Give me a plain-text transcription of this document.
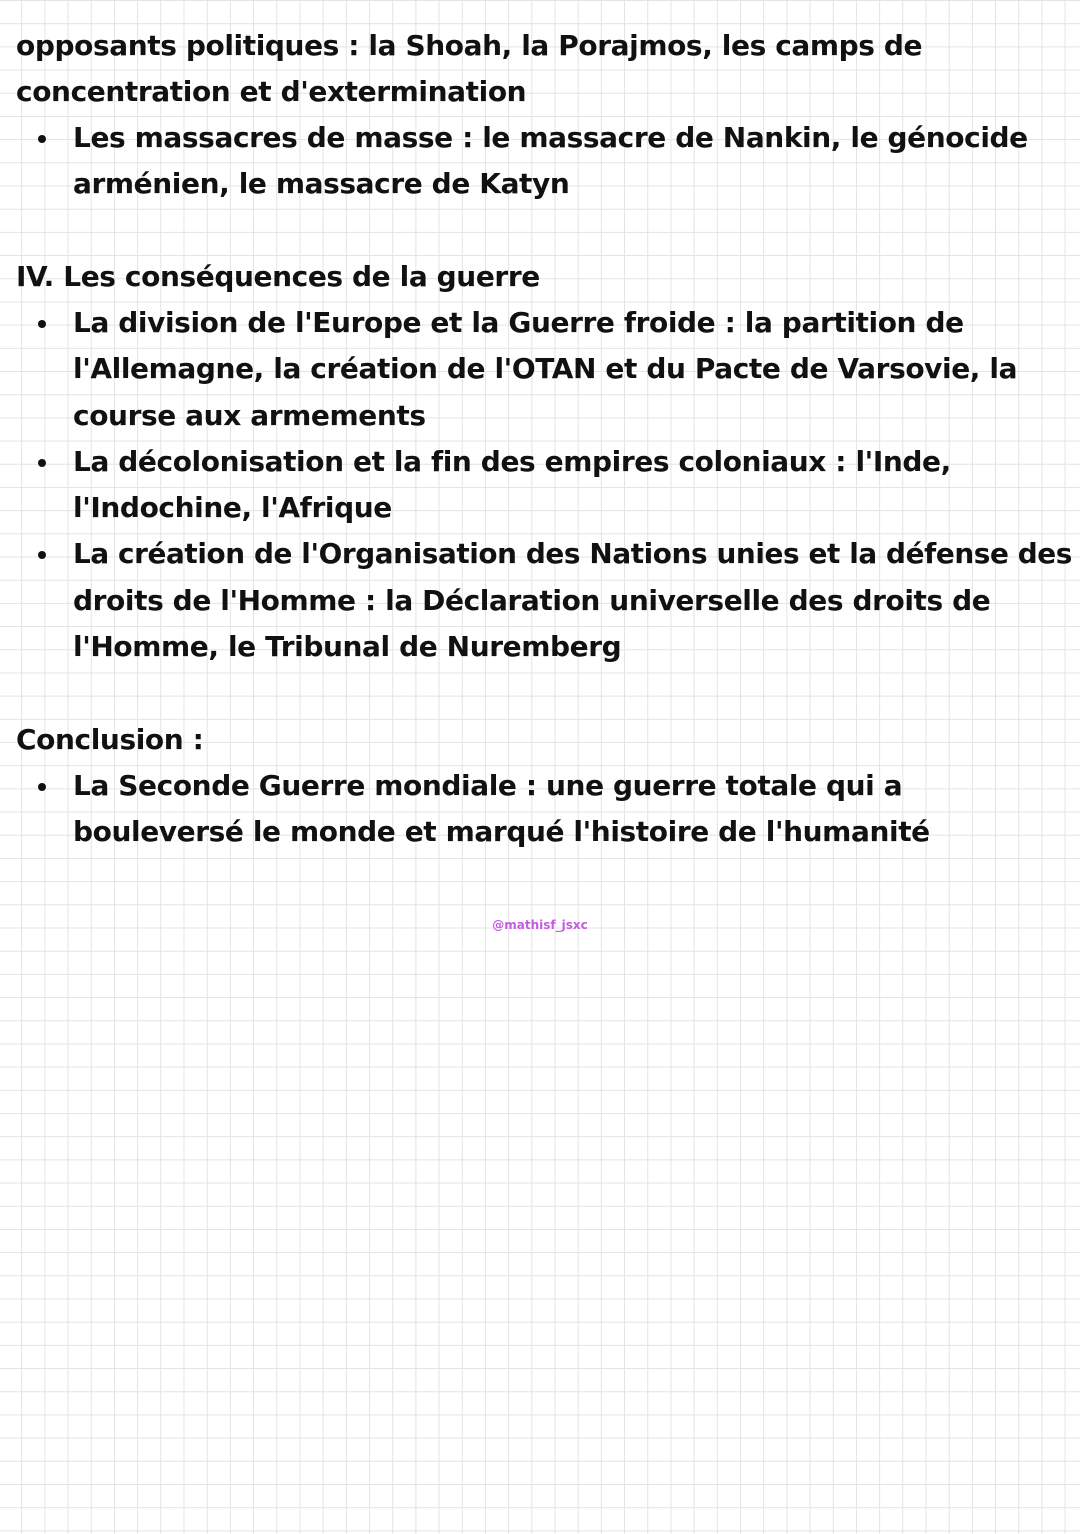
opposants politiques : la Shoah, la Porajmos, les camps de
concentration et d'extermination
Les massacres de masse : le massacre de Nankin, le génocide
arménien, le massacre de Katyn
IV. Les conséquences de la guerre
La division de l'Europe et la Guerre froide : la partition de
l'Allemagne, la création de l'OTAN et du Pacte de Varsovie, la
course aux armements
La décolonisation et la fin des empires coloniaux : l'Inde,
l'Indochine, l'Afrique
La création de l'Organisation des Nations unies et la défense des
droits de l'Homme : la Déclaration universelle des droits de
l'Homme, le Tribunal de Nuremberg
Conclusion :
La Seconde Guerre mondiale : une guerre totale qui a
bouleversé le monde et marqué l'histoire de l'humanité
@mathisf_jsxc
